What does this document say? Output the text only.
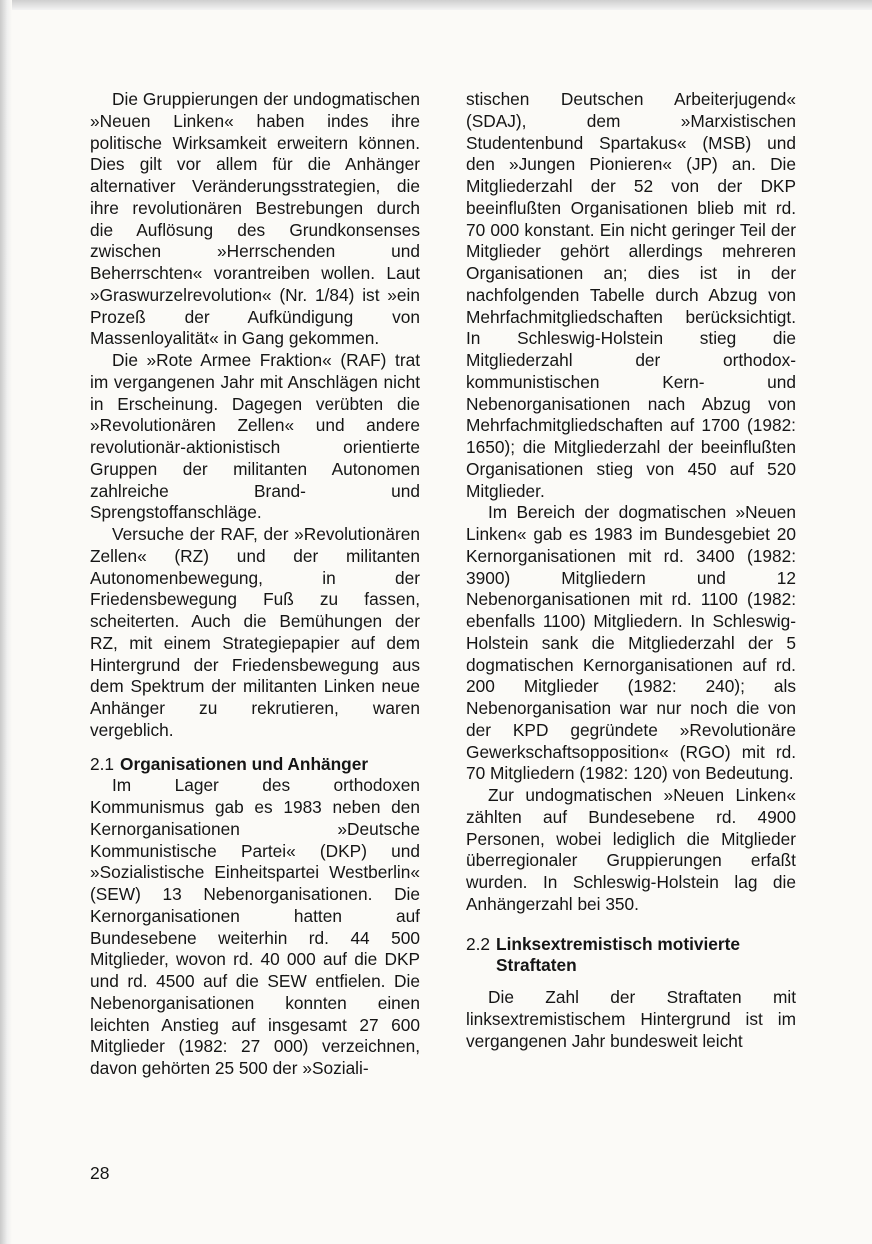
Die Gruppierungen der undogmatischen »Neuen Linken« haben indes ihre politische Wirksamkeit erweitern können. Dies gilt vor allem für die Anhänger alternativer Veränderungsstrategien, die ihre revolutionären Bestrebungen durch die Auflösung des Grundkonsenses zwischen »Herrschenden und Beherrschten« vorantreiben wollen. Laut »Graswurzelrevolution« (Nr. 1/84) ist »ein Prozeß der Aufkündigung von Massenloyalität« in Gang gekommen.

Die »Rote Armee Fraktion« (RAF) trat im vergangenen Jahr mit Anschlägen nicht in Erscheinung. Dagegen verübten die »Revolutionären Zellen« und andere revolutionär-aktionistisch orientierte Gruppen der militanten Autonomen zahlreiche Brand- und Sprengstoffanschläge.

Versuche der RAF, der »Revolutionären Zellen« (RZ) und der militanten Autonomenbewegung, in der Friedensbewegung Fuß zu fassen, scheiterten. Auch die Bemühungen der RZ, mit einem Strategiepapier auf dem Hintergrund der Friedensbewegung aus dem Spektrum der militanten Linken neue Anhänger zu rekrutieren, waren vergeblich.

2.1 Organisationen und Anhänger

Im Lager des orthodoxen Kommunismus gab es 1983 neben den Kernorganisationen »Deutsche Kommunistische Partei« (DKP) und »Sozialistische Einheitspartei Westberlin« (SEW) 13 Nebenorganisationen. Die Kernorganisationen hatten auf Bundesebene weiterhin rd. 44 500 Mitglieder, wovon rd. 40 000 auf die DKP und rd. 4500 auf die SEW entfielen. Die Nebenorganisationen konnten einen leichten Anstieg auf insgesamt 27 600 Mitglieder (1982: 27 000) verzeichnen, davon gehörten 25 500 der »Soziali-

stischen Deutschen Arbeiterjugend« (SDAJ), dem »Marxistischen Studentenbund Spartakus« (MSB) und den »Jungen Pionieren« (JP) an. Die Mitgliederzahl der 52 von der DKP beeinflußten Organisationen blieb mit rd. 70 000 konstant. Ein nicht geringer Teil der Mitglieder gehört allerdings mehreren Organisationen an; dies ist in der nachfolgenden Tabelle durch Abzug von Mehrfachmitgliedschaften berücksichtigt. In Schleswig-Holstein stieg die Mitgliederzahl der orthodox-kommunistischen Kern- und Nebenorganisationen nach Abzug von Mehrfachmitgliedschaften auf 1700 (1982: 1650); die Mitgliederzahl der beeinflußten Organisationen stieg von 450 auf 520 Mitglieder.

Im Bereich der dogmatischen »Neuen Linken« gab es 1983 im Bundesgebiet 20 Kernorganisationen mit rd. 3400 (1982: 3900) Mitgliedern und 12 Nebenorganisationen mit rd. 1100 (1982: ebenfalls 1100) Mitgliedern. In Schleswig-Holstein sank die Mitgliederzahl der 5 dogmatischen Kernorganisationen auf rd. 200 Mitglieder (1982: 240); als Nebenorganisation war nur noch die von der KPD gegründete »Revolutionäre Gewerkschaftsopposition« (RGO) mit rd. 70 Mitgliedern (1982: 120) von Bedeutung.

Zur undogmatischen »Neuen Linken« zählten auf Bundesebene rd. 4900 Personen, wobei lediglich die Mitglieder überregionaler Gruppierungen erfaßt wurden. In Schleswig-Holstein lag die Anhängerzahl bei 350.

2.2 Linksextremistisch motivierte Straftaten

Die Zahl der Straftaten mit linksextremistischem Hintergrund ist im vergangenen Jahr bundesweit leicht

28
